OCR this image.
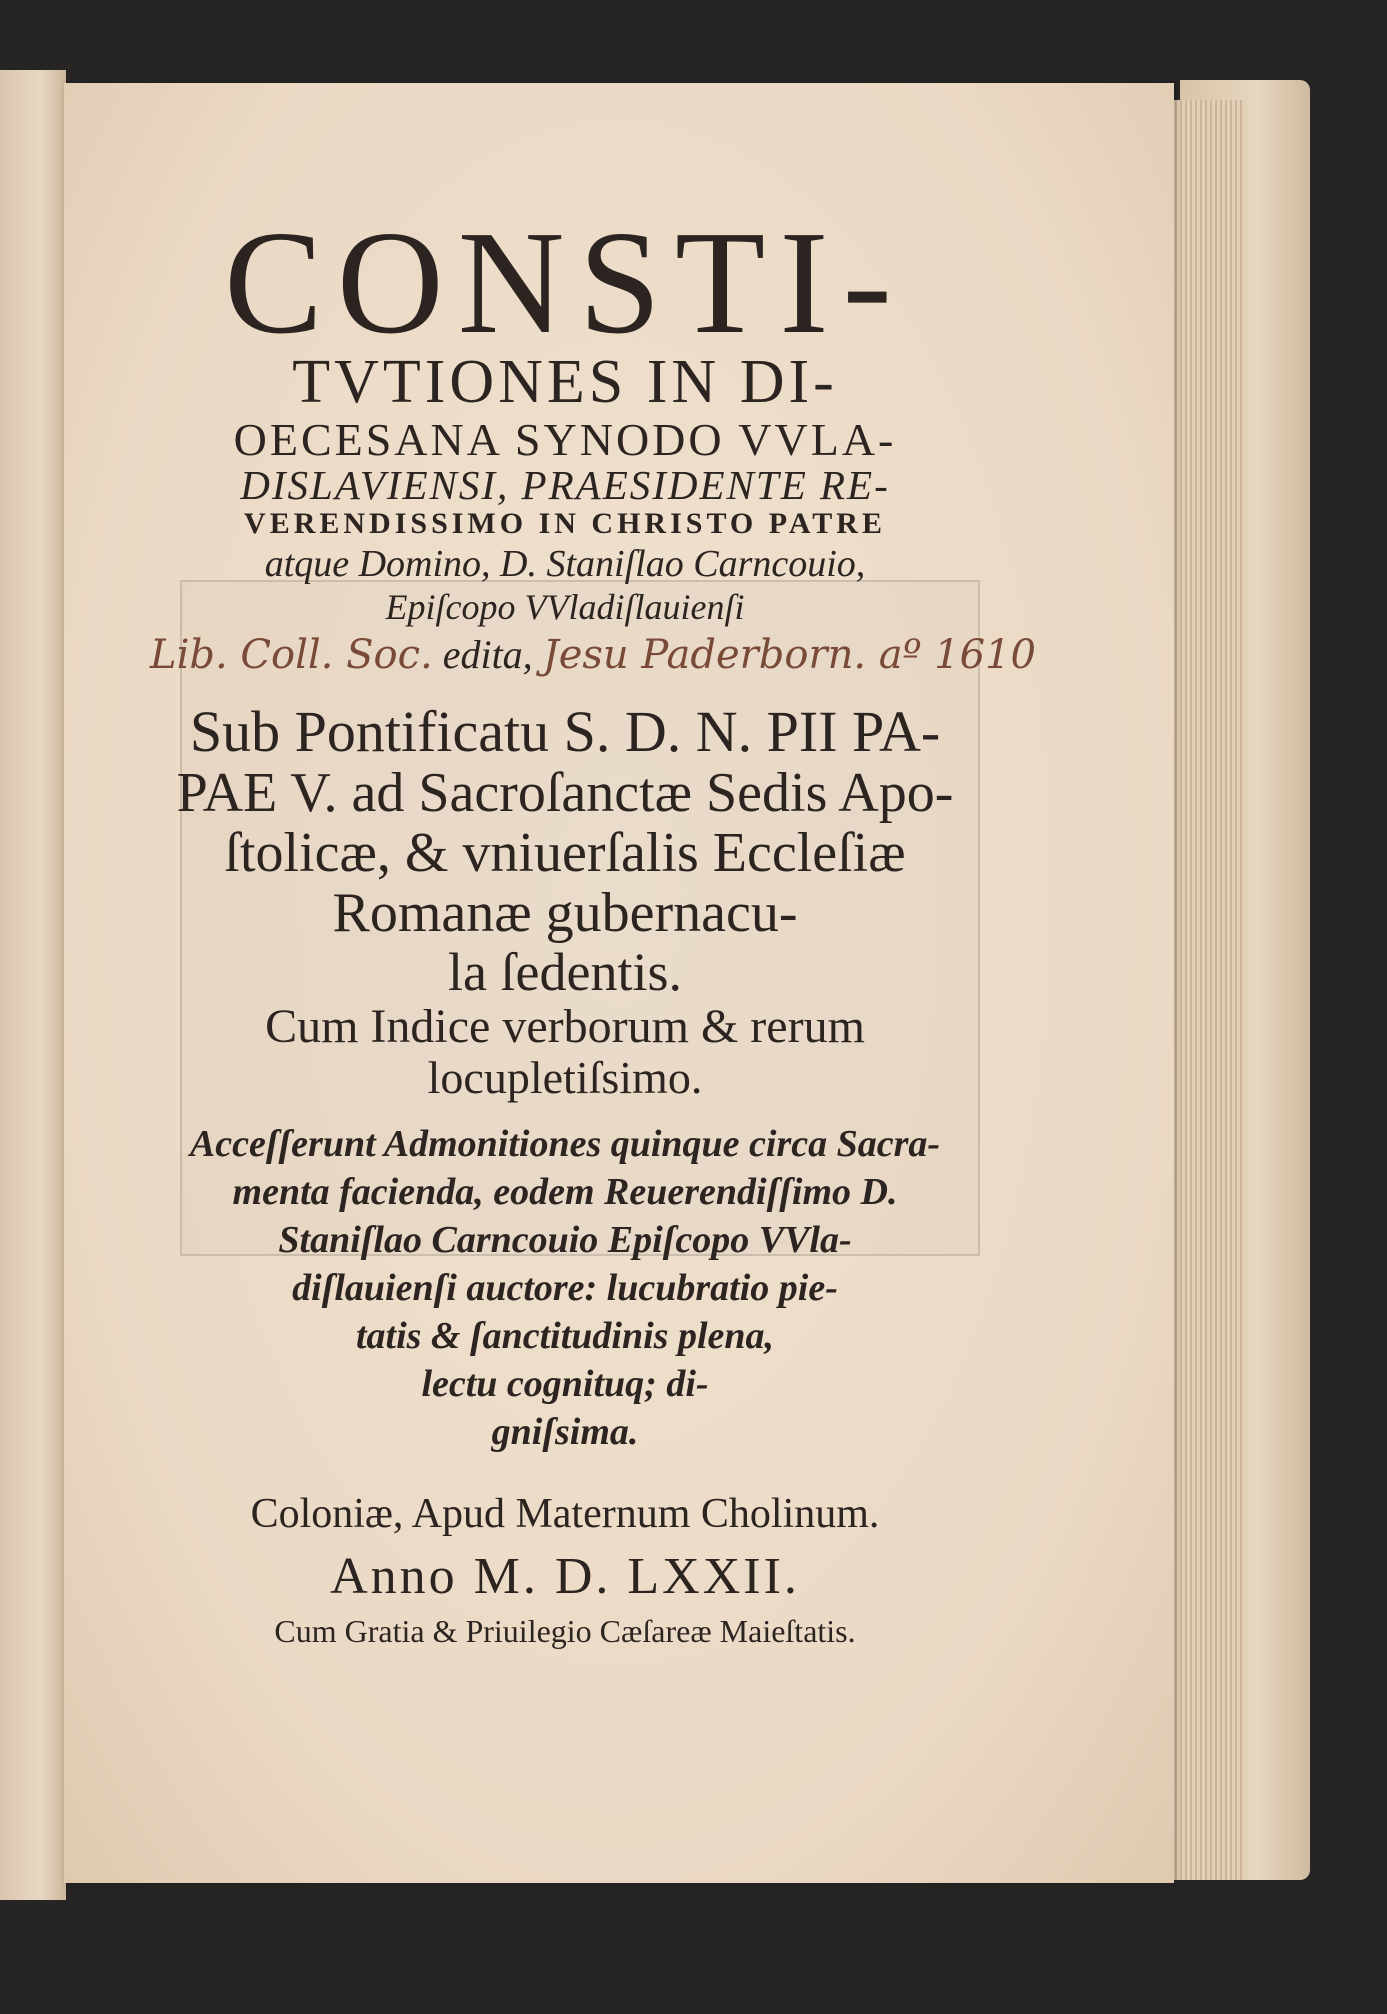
CONSTI-
TVTIONES IN DI-
OECESANA SYNODO VVLA-
DISLAVIENSI, PRAESIDENTE RE-
VERENDISSIMO IN CHRISTO PATRE
atque Domino, D. Staniſlao Carncouio,
Epiſcopo VVladiſlauienſi
Lib. Coll. Soc. edita, Jesu Paderborn. aº 1610
Sub Pontificatu S. D. N. PII PA-
PAE V. ad Sacroſanctæ Sedis Apo-
ſtolicæ, & vniuerſalis Eccleſiæ
Romanæ gubernacu-
la ſedentis.
Cum Indice verborum & rerum
locupletiſsimo.
Acceſſerunt Admonitiones quinque circa Sacra-
menta facienda, eodem Reuerendiſſimo D.
Staniſlao Carncouio Epiſcopo VVla-
diſlauienſi auctore: lucubratio pie-
tatis & ſanctitudinis plena,
lectu cognituq; di-
gniſsima.
Coloniæ, Apud Maternum Cholinum.
Anno M. D. LXXII.
Cum Gratia & Priuilegio Cæſareæ Maieſtatis.
